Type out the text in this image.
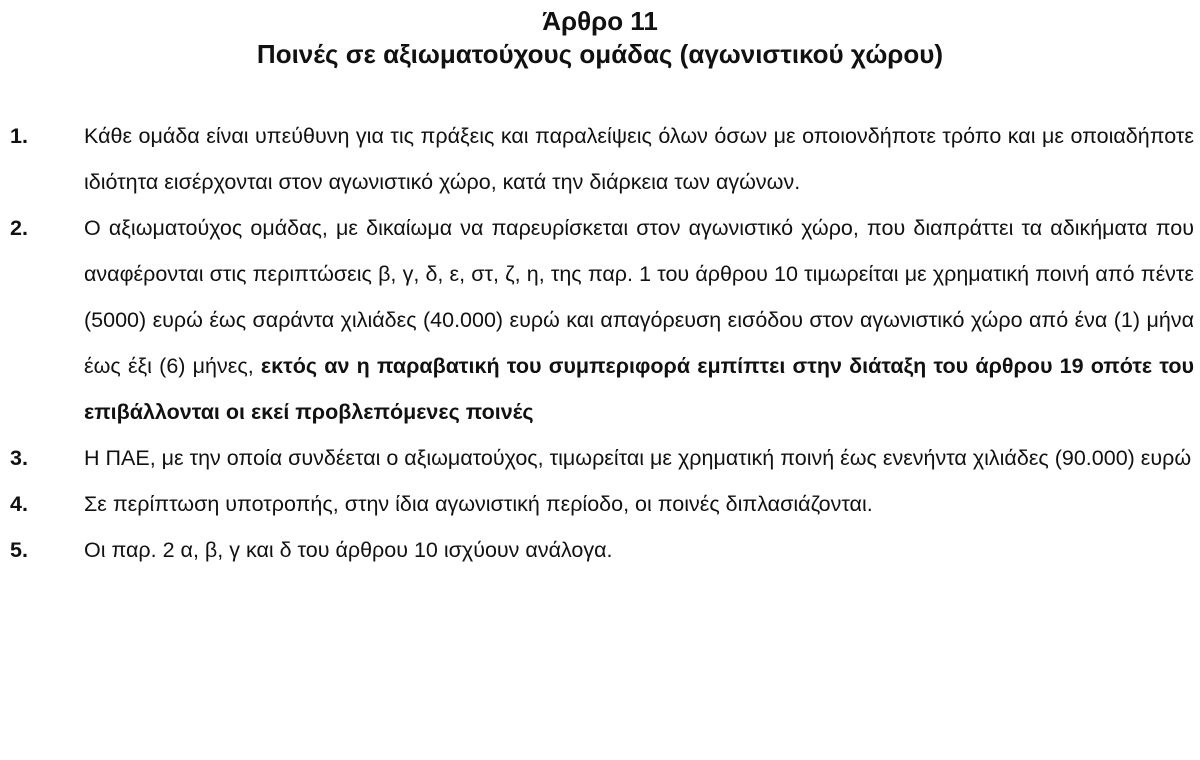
Άρθρο 11
Ποινές σε αξιωματούχους ομάδας (αγωνιστικού χώρου)
1.	Κάθε ομάδα είναι υπεύθυνη για τις πράξεις και παραλείψεις όλων όσων με οποιονδήποτε τρόπο και με οποιαδήποτε ιδιότητα εισέρχονται στον αγωνιστικό χώρο, κατά την διάρκεια των αγώνων.
2.	Ο αξιωματούχος ομάδας, με δικαίωμα να παρευρίσκεται στον αγωνιστικό χώρο, που διαπράττει τα αδικήματα που αναφέρονται στις περιπτώσεις β, γ, δ, ε, στ, ζ, η, της παρ. 1 του άρθρου 10 τιμωρείται με χρηματική ποινή από πέντε (5000) ευρώ έως σαράντα χιλιάδες (40.000) ευρώ και απαγόρευση εισόδου στον αγωνιστικό χώρο από ένα (1) μήνα έως έξι (6) μήνες, εκτός αν η παραβατική του συμπεριφορά εμπίπτει στην διάταξη του άρθρου 19 οπότε του επιβάλλονται οι εκεί προβλεπόμενες ποινές
3.	Η ΠΑΕ, με την οποία συνδέεται ο αξιωματούχος, τιμωρείται με χρηματική ποινή έως ενενήντα χιλιάδες (90.000) ευρώ
4.	Σε περίπτωση υποτροπής, στην ίδια αγωνιστική περίοδο, οι ποινές διπλασιάζονται.
5.	Οι παρ. 2 α, β, γ και δ του άρθρου 10 ισχύουν ανάλογα.
